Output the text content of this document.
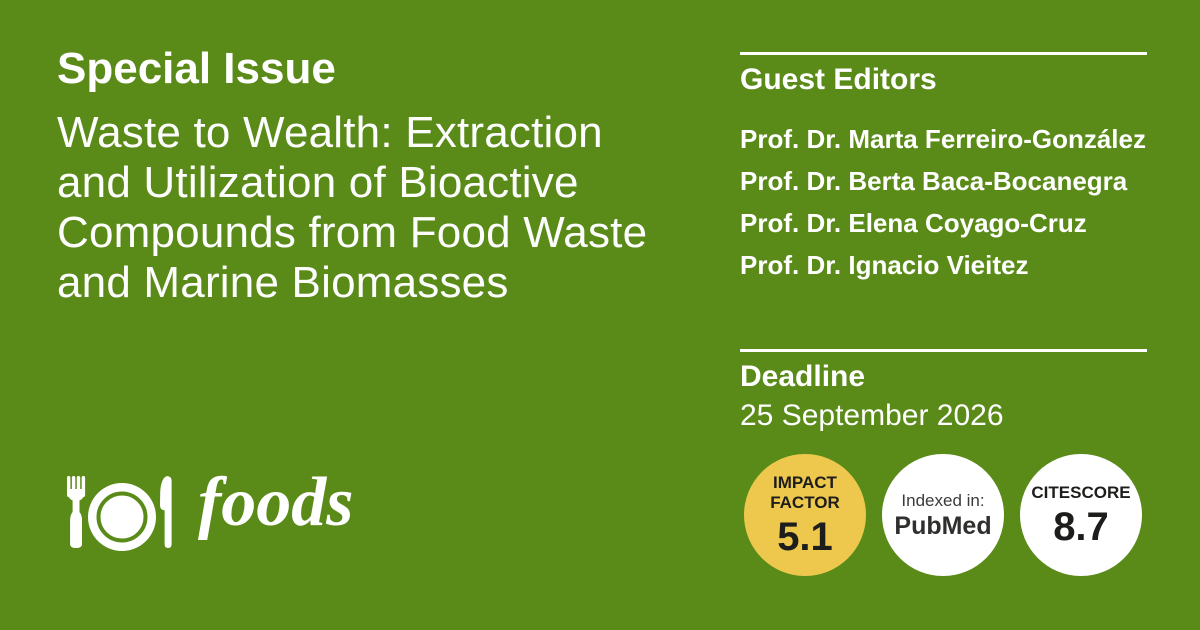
Special Issue
Waste to Wealth: Extraction
and Utilization of Bioactive
Compounds from Food Waste
and Marine Biomasses
Guest Editors
Prof. Dr. Marta Ferreiro-González
Prof. Dr. Berta Baca-Bocanegra
Prof. Dr. Elena Coyago-Cruz
Prof. Dr. Ignacio Vieitez
Deadline
25 September 2026
IMPACT
FACTOR
5.1
Indexed in:
PubMed
CITESCORE
8.7
foods
